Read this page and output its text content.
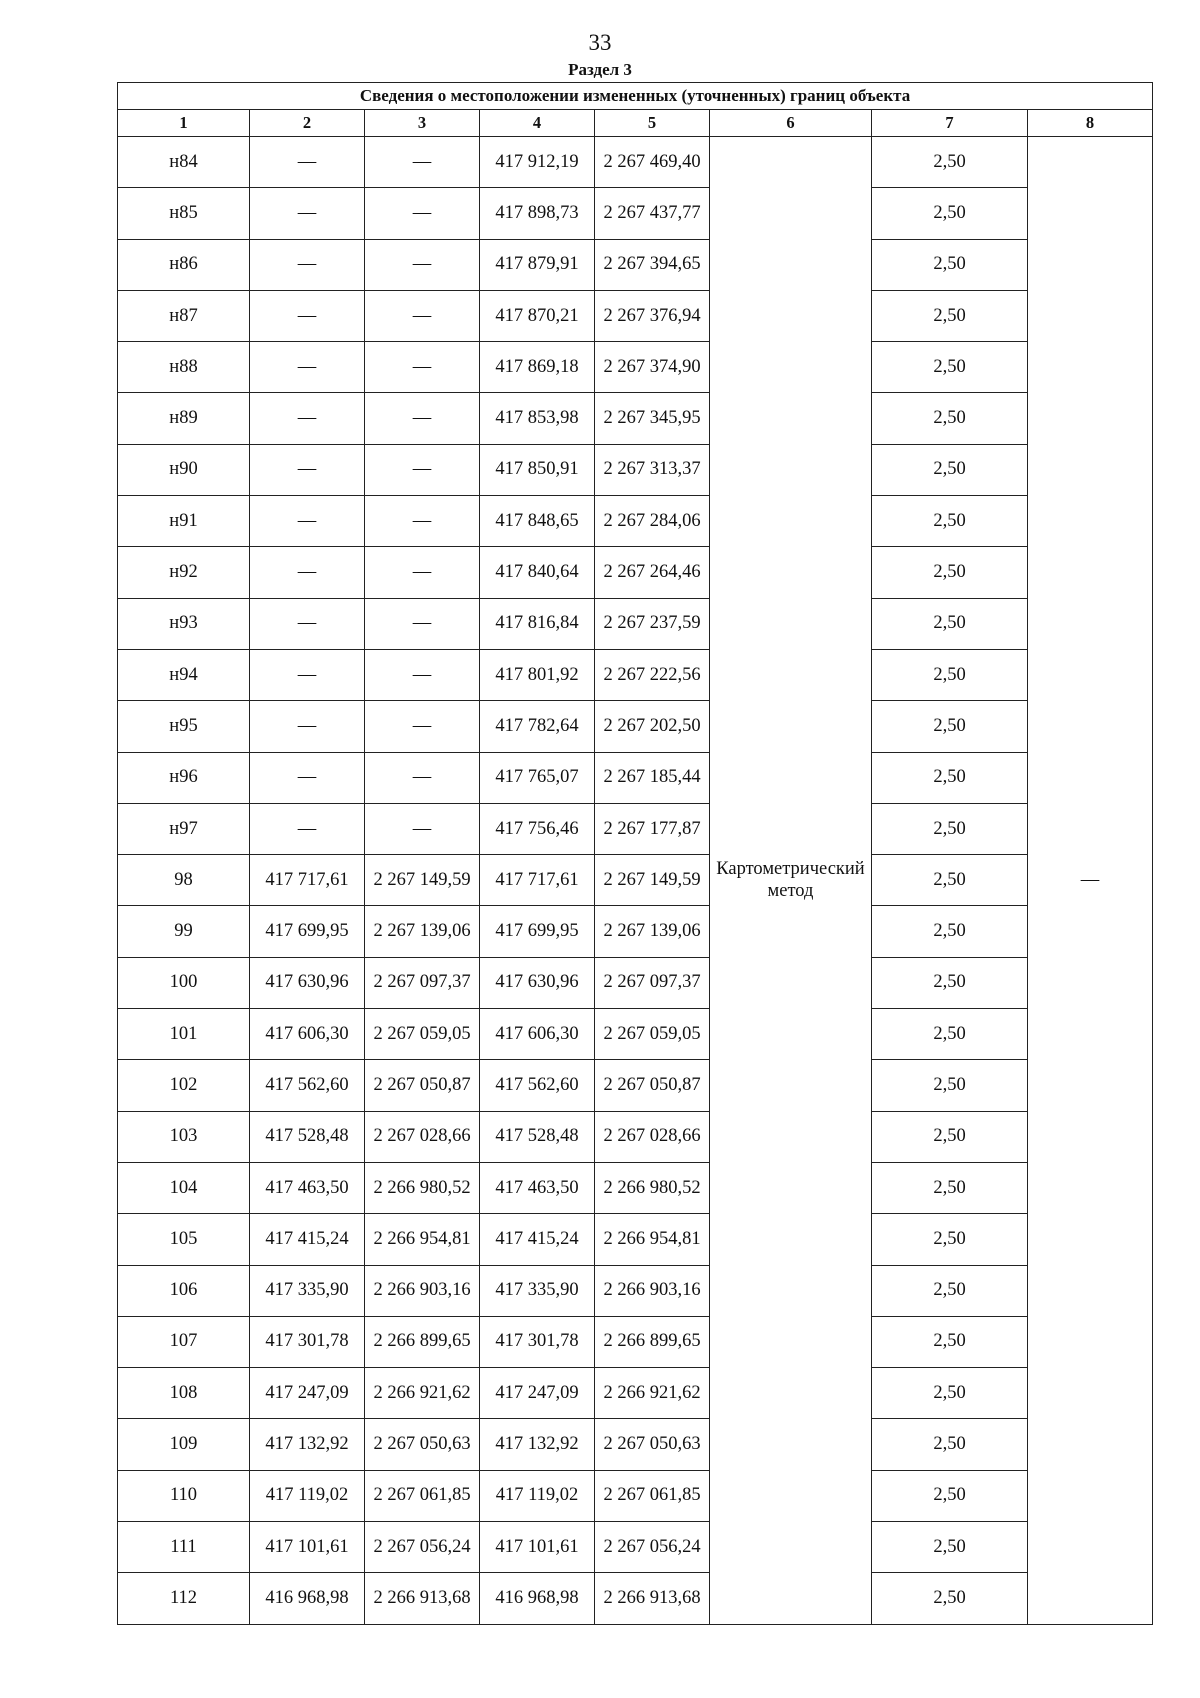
33
Раздел 3
Сведения о местоположении измененных (уточненных) границ объекта							
1	2	3	4	5	6	7	8
н84	—	—	417 912,19	2 267 469,40	Картометрический метод	2,50	—
н85	—	—	417 898,73	2 267 437,77		2,50	
н86	—	—	417 879,91	2 267 394,65		2,50	
н87	—	—	417 870,21	2 267 376,94		2,50	
н88	—	—	417 869,18	2 267 374,90		2,50	
н89	—	—	417 853,98	2 267 345,95		2,50	
н90	—	—	417 850,91	2 267 313,37		2,50	
н91	—	—	417 848,65	2 267 284,06		2,50	
н92	—	—	417 840,64	2 267 264,46		2,50	
н93	—	—	417 816,84	2 267 237,59		2,50	
н94	—	—	417 801,92	2 267 222,56		2,50	
н95	—	—	417 782,64	2 267 202,50		2,50	
н96	—	—	417 765,07	2 267 185,44		2,50	
н97	—	—	417 756,46	2 267 177,87		2,50	
98	417 717,61	2 267 149,59	417 717,61	2 267 149,59		2,50	
99	417 699,95	2 267 139,06	417 699,95	2 267 139,06		2,50	
100	417 630,96	2 267 097,37	417 630,96	2 267 097,37		2,50	
101	417 606,30	2 267 059,05	417 606,30	2 267 059,05		2,50	
102	417 562,60	2 267 050,87	417 562,60	2 267 050,87		2,50	
103	417 528,48	2 267 028,66	417 528,48	2 267 028,66		2,50	
104	417 463,50	2 266 980,52	417 463,50	2 266 980,52		2,50	
105	417 415,24	2 266 954,81	417 415,24	2 266 954,81		2,50	
106	417 335,90	2 266 903,16	417 335,90	2 266 903,16		2,50	
107	417 301,78	2 266 899,65	417 301,78	2 266 899,65		2,50	
108	417 247,09	2 266 921,62	417 247,09	2 266 921,62		2,50	
109	417 132,92	2 267 050,63	417 132,92	2 267 050,63		2,50	
110	417 119,02	2 267 061,85	417 119,02	2 267 061,85		2,50	
111	417 101,61	2 267 056,24	417 101,61	2 267 056,24		2,50	
112	416 968,98	2 266 913,68	416 968,98	2 266 913,68		2,50	
